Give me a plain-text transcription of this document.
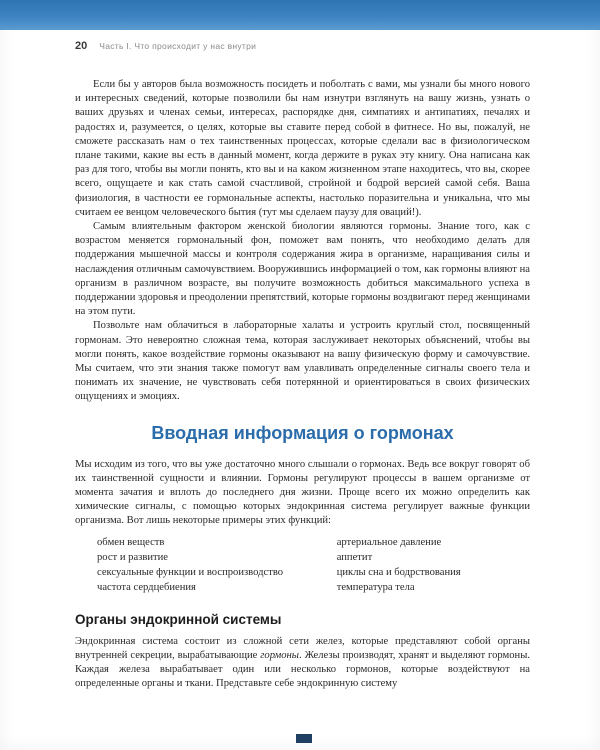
20 Часть I. Что происходит у нас внутри

Если бы у авторов была возможность посидеть и поболтать с вами, мы узнали бы много нового и интересных сведений, которые позволили бы нам изнутри взглянуть на вашу жизнь, узнать о ваших друзьях и членах семьи, интересах, распорядке дня, симпатиях и антипатиях, печалях и радостях и, разумеется, о целях, которые вы ставите перед собой в фитнесе. Но вы, пожалуй, не сможете рассказать нам о тех таинственных процессах, которые сделали вас в физиологическом плане такими, какие вы есть в данный момент, когда держите в руках эту книгу. Она написана как раз для того, чтобы вы могли понять, кто вы и на каком жизненном этапе находитесь, что вы, скорее всего, ощущаете и как стать самой счастливой, стройной и бодрой версией самой себя. Ваша физиология, в частности ее гормональные аспекты, настолько поразительна и уникальна, что мы считаем ее венцом человеческого бытия (тут мы сделаем паузу для оваций!).

Самым влиятельным фактором женской биологии являются гормоны. Знание того, как с возрастом меняется гормональный фон, поможет вам понять, что необходимо делать для поддержания мышечной массы и контроля содержания жира в организме, наращивания силы и наслаждения отличным самочувствием. Вооружившись информацией о том, как гормоны влияют на организм в различном возрасте, вы получите возможность добиться максимального успеха в поддержании здоровья и преодолении препятствий, которые гормоны воздвигают перед женщинами на этом пути.

Позвольте нам облачиться в лабораторные халаты и устроить круглый стол, посвященный гормонам. Это невероятно сложная тема, которая заслуживает некоторых объяснений, чтобы вы могли понять, какое воздействие гормоны оказывают на вашу физическую форму и самочувствие. Мы считаем, что эти знания также помогут вам улавливать определенные сигналы своего тела и понимать их значение, не чувствовать себя потерянной и ориентироваться в своих физических ощущениях и эмоциях.

Вводная информация о гормонах

Мы исходим из того, что вы уже достаточно много слышали о гормонах. Ведь все вокруг говорят об их таинственной сущности и влиянии. Гормоны регулируют процессы в вашем организме от момента зачатия и вплоть до последнего дня жизни. Проще всего их можно определить как химические сигналы, с помощью которых эндокринная система регулирует важные функции организма. Вот лишь некоторые примеры этих функций:

обмен веществ	артериальное давление
рост и развитие	аппетит
сексуальные функции и воспроизводство	циклы сна и бодрствования
частота сердцебиения	температура тела
Органы эндокринной системы

Эндокринная система состоит из сложной сети желез, которые представляют собой органы внутренней секреции, вырабатывающие гормоны. Железы производят, хранят и выделяют гормоны. Каждая железа вырабатывает один или несколько гормонов, которые воздействуют на определенные органы и ткани. Представьте себе эндокринную систему
